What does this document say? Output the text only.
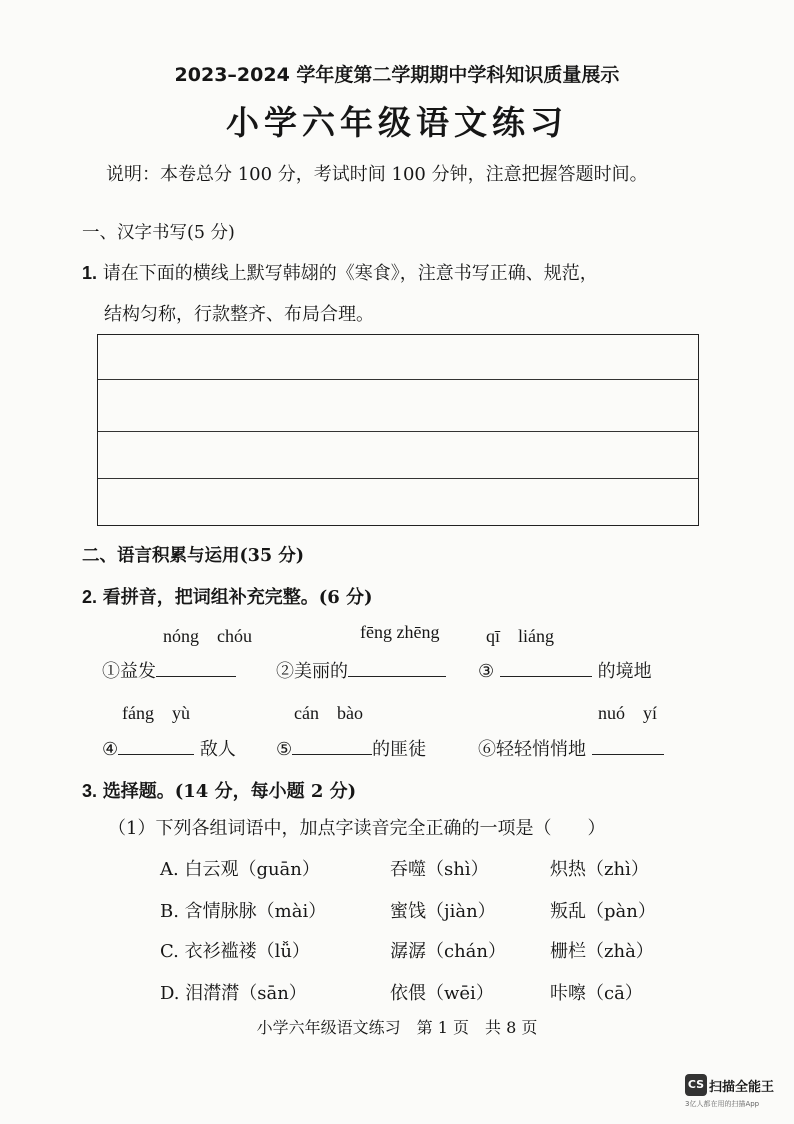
2023–2024 学年度第二学期期中学科知识质量展示
小学六年级语文练习
说明：本卷总分 100 分，考试时间 100 分钟，注意把握答题时间。
一、汉字书写(5 分)
1. 请在下面的横线上默写韩翃的《寒食》，注意书写正确、规范，
结构匀称，行款整齐、布局合理。
二、语言积累与运用(35 分)
2. 看拼音，把词组补充完整。(6 分)
nóng　chóu	fēng zhēng	qī　liáng
①益发	②美丽的	③	的境地
fáng　yù	cán　bào	nuó　yí
④	敌人 ⑤	的匪徒	⑥轻轻悄悄地
3. 选择题。(14 分，每小题 2 分)
（1）下列各组词语中，加点字读音完全正确的一项是（　　）
A. 白云观（guān）	吞噬（shì）	炽热（zhì）
B. 含情脉脉（mài）	蜜饯（jiàn）	叛乱（pàn）
C. 衣衫褴褛（lǚ）	潺潺（chán） 栅栏（zhà）
D. 泪潸潸（sān）	依偎（wēi）	咔嚓（cā）
小学六年级语文练习　第 1 页　共 8 页
CS 扫描全能王
3亿人都在用的扫描App
